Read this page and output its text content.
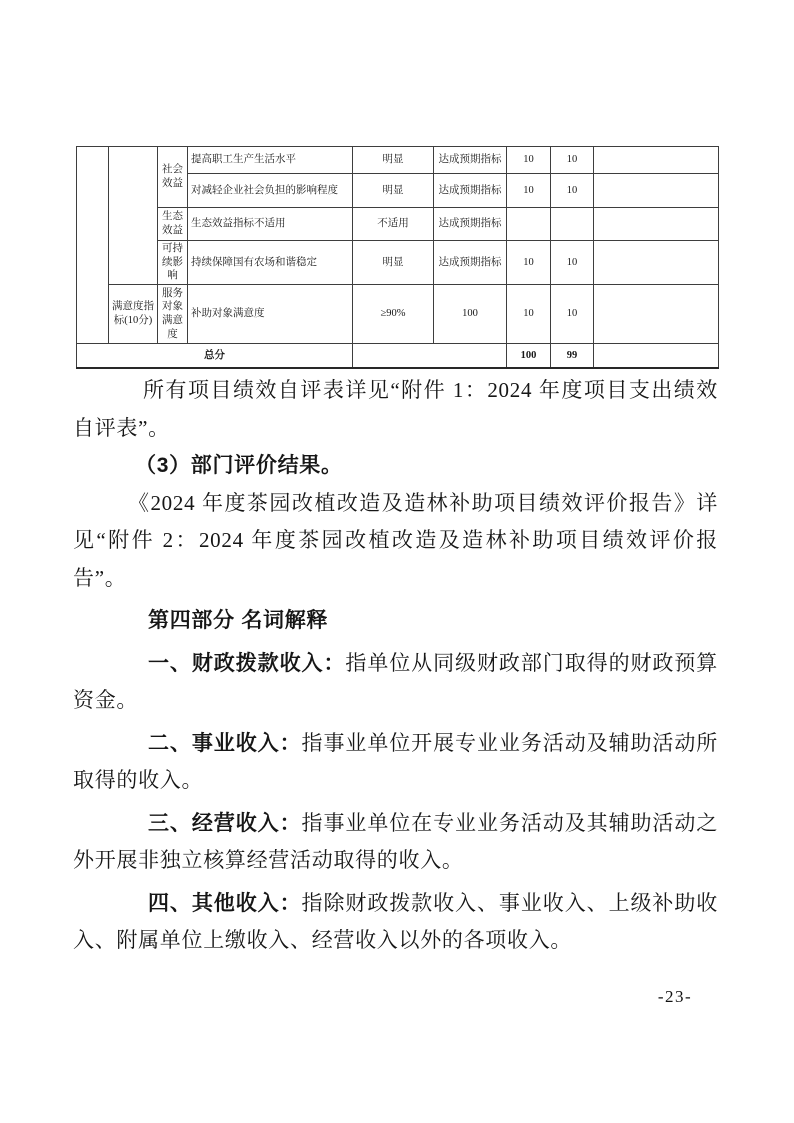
		社会效益	提高职工生产生活水平	明显	达成预期指标	10	10	
			对减轻企业社会负担的影响程度	明显	达成预期指标	10	10	
		生态效益	生态效益指标不适用	不适用	达成预期指标			
		可持续影响	持续保障国有农场和谐稳定	明显	达成预期指标	10	10	
	满意度指标(10分)	服务对象满意度	补助对象满意度	≥90%	100	10	10	
总分						100	99	
所有项目绩效自评表详见“附件 1：2024 年度项目支出绩效
自评表”。
（3）部门评价结果。
《2024 年度茶园改植改造及造林补助项目绩效评价报告》详
见“附件 2：2024 年度茶园改植改造及造林补助项目绩效评价报
告”。
第四部分 名词解释
一、财政拨款收入：指单位从同级财政部门取得的财政预算
资金。
二、事业收入：指事业单位开展专业业务活动及辅助活动所
取得的收入。
三、经营收入：指事业单位在专业业务活动及其辅助活动之
外开展非独立核算经营活动取得的收入。
四、其他收入：指除财政拨款收入、事业收入、上级补助收
入、附属单位上缴收入、经营收入以外的各项收入。
-23-
